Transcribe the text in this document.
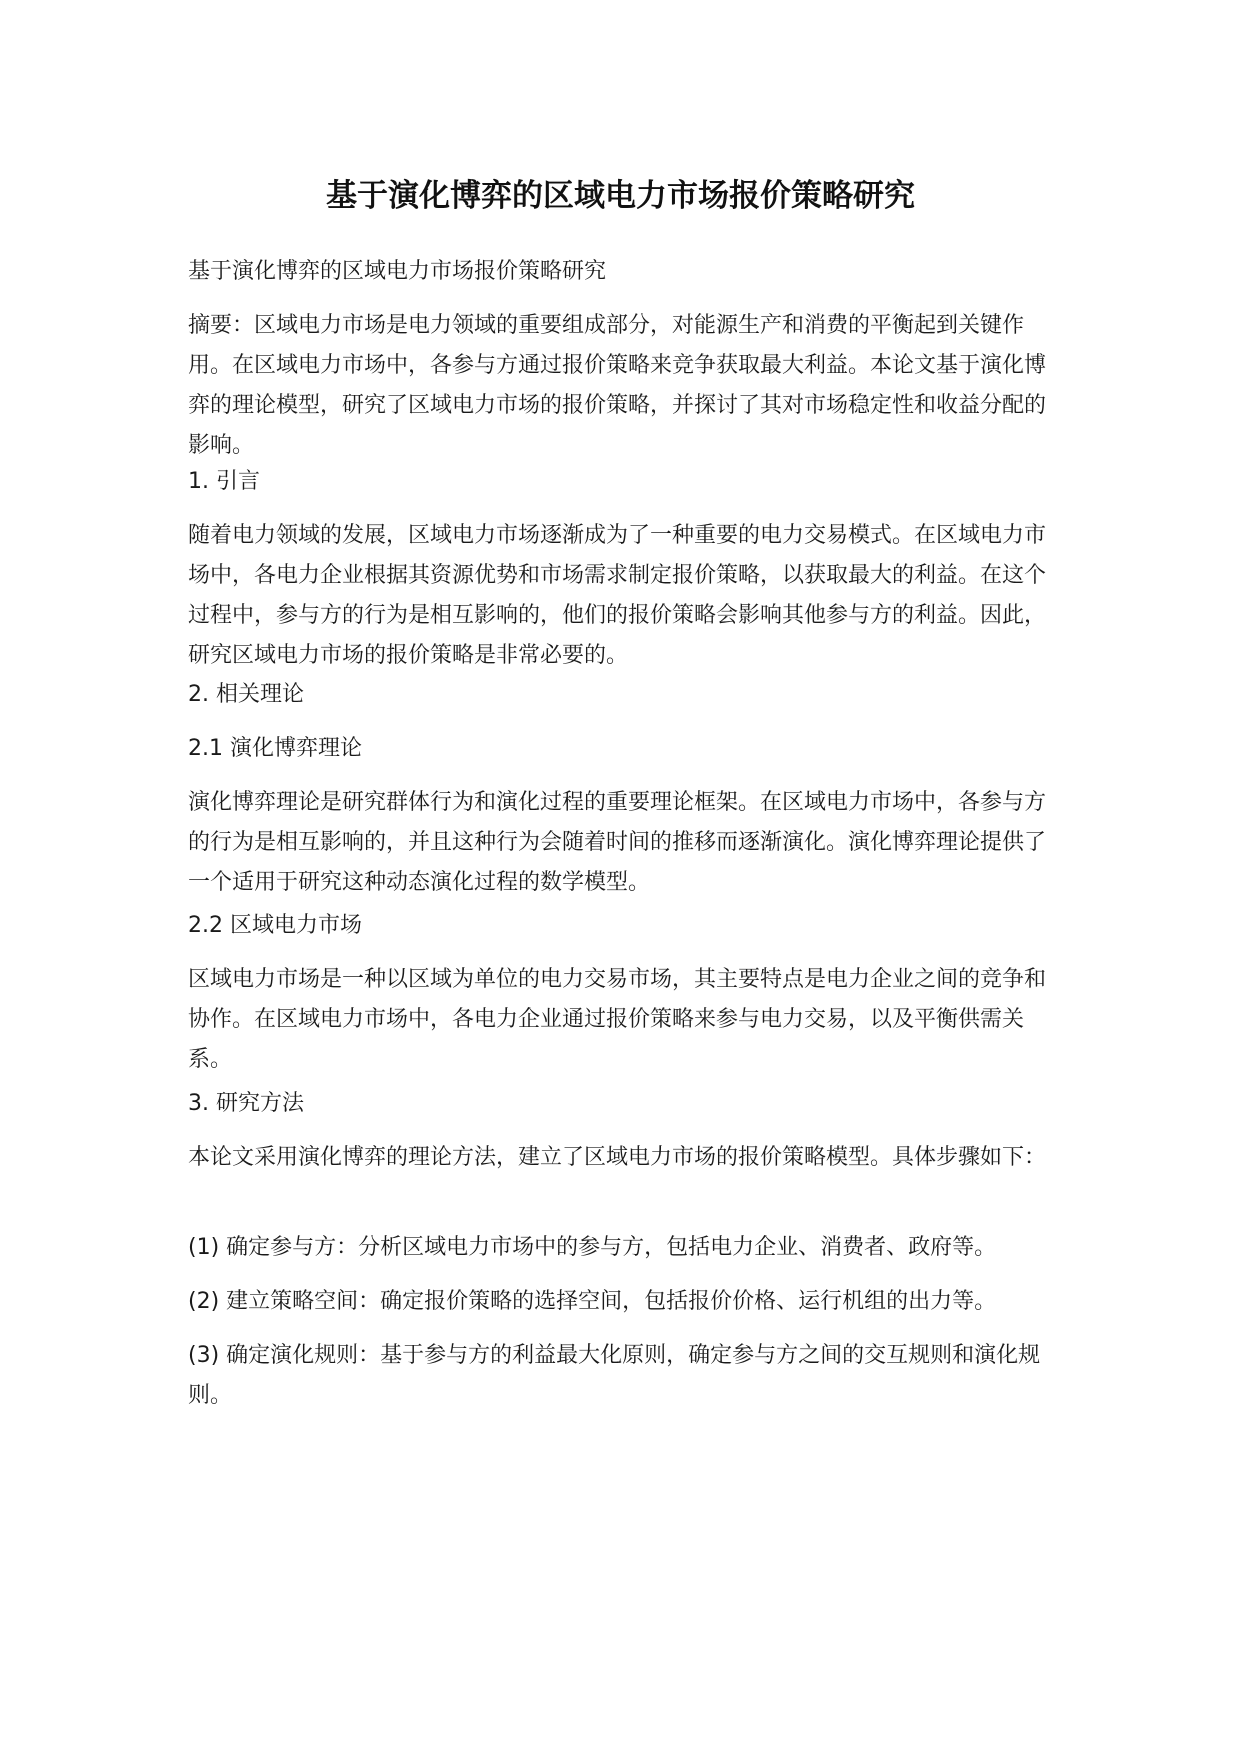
基于演化博弈的区域电力市场报价策略研究

基于演化博弈的区域电力市场报价策略研究

摘要：区域电力市场是电力领域的重要组成部分，对能源生产和消费的平衡起到关键作用。在区域电力市场中，各参与方通过报价策略来竞争获取最大利益。本论文基于演化博弈的理论模型，研究了区域电力市场的报价策略，并探讨了其对市场稳定性和收益分配的影响。

1. 引言

随着电力领域的发展，区域电力市场逐渐成为了一种重要的电力交易模式。在区域电力市场中，各电力企业根据其资源优势和市场需求制定报价策略，以获取最大的利益。在这个过程中，参与方的行为是相互影响的，他们的报价策略会影响其他参与方的利益。因此，研究区域电力市场的报价策略是非常必要的。

2. 相关理论

2.1 演化博弈理论

演化博弈理论是研究群体行为和演化过程的重要理论框架。在区域电力市场中，各参与方的行为是相互影响的，并且这种行为会随着时间的推移而逐渐演化。演化博弈理论提供了一个适用于研究这种动态演化过程的数学模型。

2.2 区域电力市场

区域电力市场是一种以区域为单位的电力交易市场，其主要特点是电力企业之间的竞争和协作。在区域电力市场中，各电力企业通过报价策略来参与电力交易，以及平衡供需关系。

3. 研究方法

本论文采用演化博弈的理论方法，建立了区域电力市场的报价策略模型。具体步骤如下：

(1) 确定参与方：分析区域电力市场中的参与方，包括电力企业、消费者、政府等。

(2) 建立策略空间：确定报价策略的选择空间，包括报价价格、运行机组的出力等。

(3) 确定演化规则：基于参与方的利益最大化原则，确定参与方之间的交互规则和演化规则。
